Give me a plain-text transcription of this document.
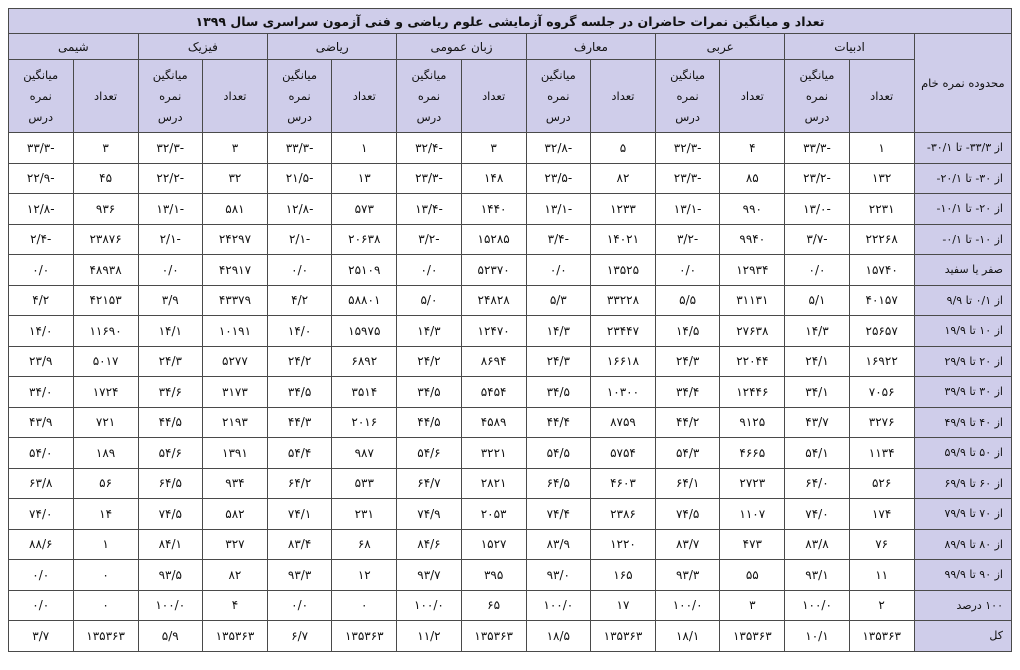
تعداد و میانگین نمرات حاضران در جلسه گروه آزمایشی علوم ریاضی و فنی آزمون سراسری سال ۱۳۹۹														
محدوده نمره خام	ادبیات		عربی		معارف		زبان عمومی		ریاضی		فیزیک		شیمی	
	تعداد	میانگین
نمره
درس	تعداد	میانگین
نمره
درس	تعداد	میانگین
نمره
درس	تعداد	میانگین
نمره
درس	تعداد	میانگین
نمره
درس	تعداد	میانگین
نمره
درس	تعداد	میانگین
نمره
درس

از ۳۳/۳- تا ۳۰/۱-	۱	-۳۳/۳	۴	-۳۲/۳	۵	-۳۲/۸	۳	-۳۲/۴	۱	-۳۳/۳	۳	-۳۲/۳	۳	-۳۳/۳
از ۳۰- تا ۲۰/۱-	۱۳۲	-۲۳/۲	۸۵	-۲۳/۳	۸۲	-۲۳/۵	۱۴۸	-۲۳/۳	۱۳	-۲۱/۵	۳۲	-۲۲/۲	۴۵	-۲۲/۹
از ۲۰- تا ۱۰/۱-	۲۲۳۱	-۱۳/۰	۹۹۰	-۱۳/۱	۱۲۳۳	-۱۳/۱	۱۴۴۰	-۱۳/۴	۵۷۳	-۱۲/۸	۵۸۱	-۱۳/۱	۹۳۶	-۱۲/۸
از ۱۰- تا ۰/۱-	۲۲۲۶۸	-۳/۷	۹۹۴۰	-۳/۲	۱۴۰۲۱	-۳/۴	۱۵۲۸۵	-۳/۲	۲۰۶۳۸	-۲/۱	۲۴۲۹۷	-۲/۱	۲۳۸۷۶	-۲/۴
صفر یا سفید	۱۵۷۴۰	۰/۰	۱۲۹۳۴	۰/۰	۱۳۵۲۵	۰/۰	۵۲۳۷۰	۰/۰	۲۵۱۰۹	۰/۰	۴۲۹۱۷	۰/۰	۴۸۹۳۸	۰/۰
از ۰/۱ تا ۹/۹	۴۰۱۵۷	۵/۱	۳۱۱۳۱	۵/۵	۳۳۲۲۸	۵/۳	۲۴۸۲۸	۵/۰	۵۸۸۰۱	۴/۲	۴۳۳۷۹	۳/۹	۴۲۱۵۳	۴/۲
از ۱۰ تا ۱۹/۹	۲۵۶۵۷	۱۴/۳	۲۷۶۳۸	۱۴/۵	۲۳۴۴۷	۱۴/۳	۱۲۴۷۰	۱۴/۳	۱۵۹۷۵	۱۴/۰	۱۰۱۹۱	۱۴/۱	۱۱۶۹۰	۱۴/۰
از ۲۰ تا ۲۹/۹	۱۶۹۲۲	۲۴/۱	۲۲۰۴۴	۲۴/۳	۱۶۶۱۸	۲۴/۳	۸۶۹۴	۲۴/۲	۶۸۹۲	۲۴/۲	۵۲۷۷	۲۴/۳	۵۰۱۷	۲۳/۹
از ۳۰ تا ۳۹/۹	۷۰۵۶	۳۴/۱	۱۲۴۴۶	۳۴/۴	۱۰۳۰۰	۳۴/۵	۵۴۵۴	۳۴/۵	۳۵۱۴	۳۴/۵	۳۱۷۳	۳۴/۶	۱۷۲۴	۳۴/۰
از ۴۰ تا ۴۹/۹	۳۲۷۶	۴۳/۷	۹۱۲۵	۴۴/۲	۸۷۵۹	۴۴/۴	۴۵۸۹	۴۴/۵	۲۰۱۶	۴۴/۳	۲۱۹۳	۴۴/۵	۷۲۱	۴۳/۹
از ۵۰ تا ۵۹/۹	۱۱۳۴	۵۴/۱	۴۶۶۵	۵۴/۳	۵۷۵۴	۵۴/۵	۳۲۲۱	۵۴/۶	۹۸۷	۵۴/۴	۱۳۹۱	۵۴/۶	۱۸۹	۵۴/۰
از ۶۰ تا ۶۹/۹	۵۲۶	۶۴/۰	۲۷۲۳	۶۴/۱	۴۶۰۳	۶۴/۵	۲۸۲۱	۶۴/۷	۵۳۳	۶۴/۲	۹۳۴	۶۴/۵	۵۶	۶۳/۸
از ۷۰ تا ۷۹/۹	۱۷۴	۷۴/۰	۱۱۰۷	۷۴/۵	۲۳۸۶	۷۴/۴	۲۰۵۳	۷۴/۹	۲۳۱	۷۴/۱	۵۸۲	۷۴/۵	۱۴	۷۴/۰
از ۸۰ تا ۸۹/۹	۷۶	۸۳/۸	۴۷۳	۸۳/۷	۱۲۲۰	۸۳/۹	۱۵۲۷	۸۴/۶	۶۸	۸۳/۴	۳۲۷	۸۴/۱	۱	۸۸/۶
از ۹۰ تا ۹۹/۹	۱۱	۹۳/۱	۵۵	۹۳/۳	۱۶۵	۹۳/۰	۳۹۵	۹۳/۷	۱۲	۹۳/۳	۸۲	۹۳/۵	۰	۰/۰
۱۰۰ درصد	۲	۱۰۰/۰	۳	۱۰۰/۰	۱۷	۱۰۰/۰	۶۵	۱۰۰/۰	۰	۰/۰	۴	۱۰۰/۰	۰	۰/۰
کل	۱۳۵۳۶۳	۱۰/۱	۱۳۵۳۶۳	۱۸/۱	۱۳۵۳۶۳	۱۸/۵	۱۳۵۳۶۳	۱۱/۲	۱۳۵۳۶۳	۶/۷	۱۳۵۳۶۳	۵/۹	۱۳۵۳۶۳	۳/۷
